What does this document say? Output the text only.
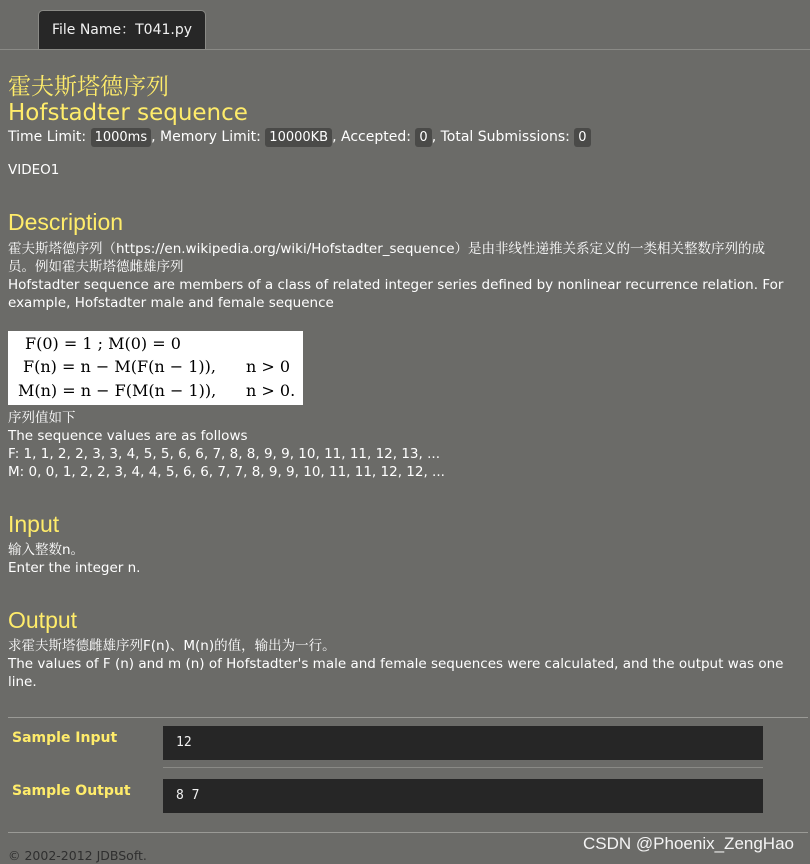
File Name：T041.py
霍夫斯塔德序列
Hofstadter sequence
Time Limit: 1000ms , Memory Limit: 10000KB , Accepted: 0 , Total Submissions: 0
VIDEO1
Description
霍夫斯塔德序列（https://en.wikipedia.org/wiki/Hofstadter_sequence）是由非线性递推关系定义的一类相关整数序列的成
员。例如霍夫斯塔德雌雄序列
Hofstadter sequence are members of a class of related integer series defined by nonlinear recurrence relation. For
example, Hofstadter male and female sequence
F(0) = 1 ; M(0) = 0
F(n) = n − M(F(n − 1)), n > 0
M(n) = n − F(M(n − 1)), n > 0.
序列值如下
The sequence values are as follows
F: 1, 1, 2, 2, 3, 3, 4, 5, 5, 6, 6, 7, 8, 8, 9, 9, 10, 11, 11, 12, 13, ...
M: 0, 0, 1, 2, 2, 3, 4, 4, 5, 6, 6, 7, 7, 8, 9, 9, 10, 11, 11, 12, 12, ...
Input
输入整数n。
Enter the integer n.
Output
求霍夫斯塔德雌雄序列F(n)、M(n)的值，输出为一行。
The values of F (n) and m (n) of Hofstadter's male and female sequences were calculated, and the output was one
line.
Sample Input	12
Sample Output	8 7
© 2002-2012 JDBSoft.
CSDN @Phoenix_ZengHao
